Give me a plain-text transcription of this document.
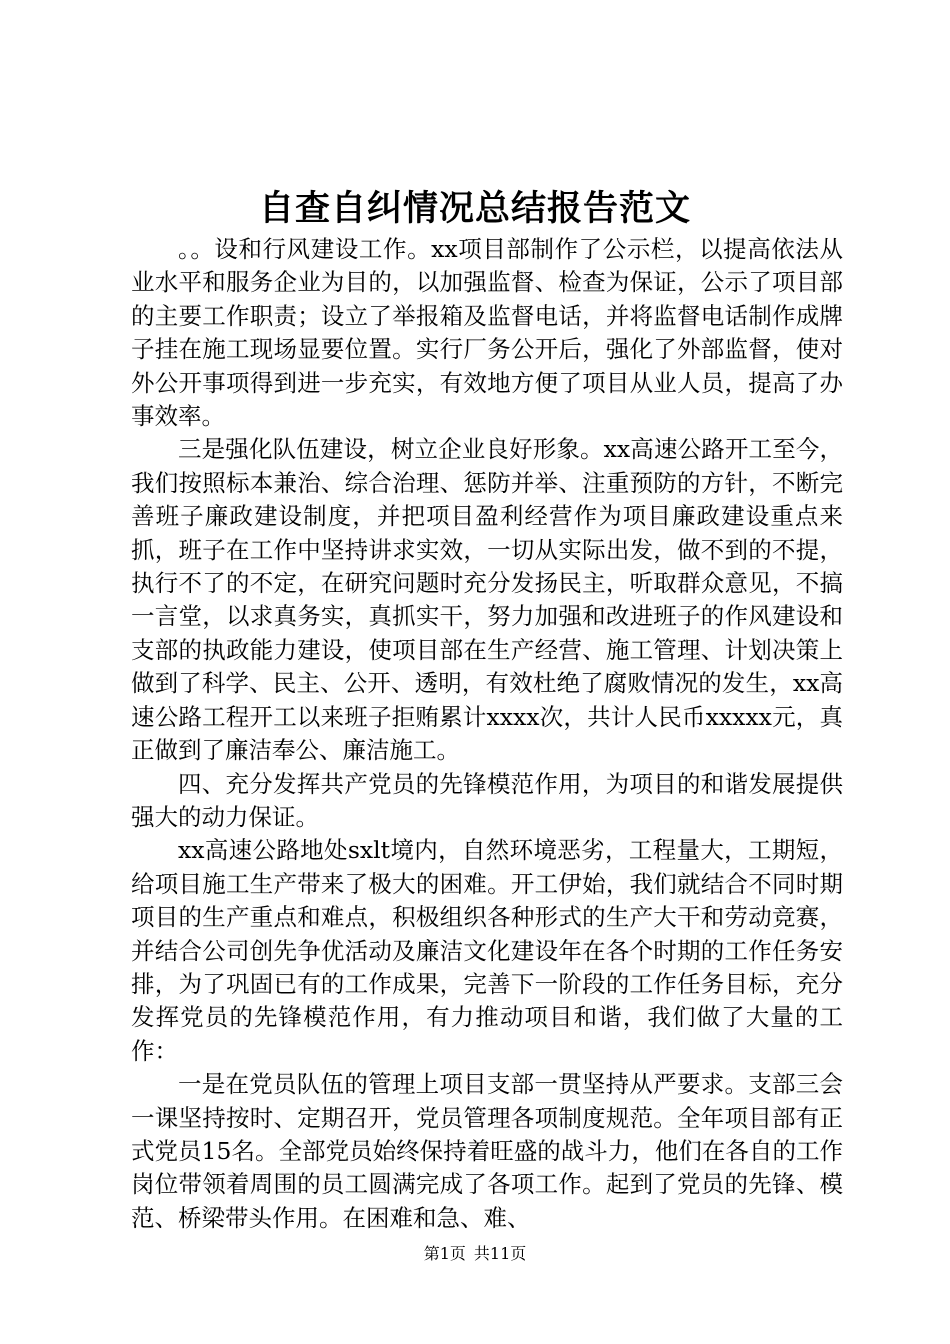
自查自纠情况总结报告范文

。。设和行风建设工作。xx项目部制作了公示栏，以提高依法从业水平和服务企业为目的，以加强监督、检查为保证，公示了项目部的主要工作职责；设立了举报箱及监督电话，并将监督电话制作成牌子挂在施工现场显要位置。实行厂务公开后，强化了外部监督，使对外公开事项得到进一步充实，有效地方便了项目从业人员，提高了办事效率。

三是强化队伍建设，树立企业良好形象。xx高速公路开工至今，我们按照标本兼治、综合治理、惩防并举、注重预防的方针，不断完善班子廉政建设制度，并把项目盈利经营作为项目廉政建设重点来抓，班子在工作中坚持讲求实效，一切从实际出发，做不到的不提，执行不了的不定，在研究问题时充分发扬民主，听取群众意见，不搞一言堂，以求真务实，真抓实干，努力加强和改进班子的作风建设和支部的执政能力建设，使项目部在生产经营、施工管理、计划决策上做到了科学、民主、公开、透明，有效杜绝了腐败情况的发生，xx高速公路工程开工以来班子拒贿累计xxxx次，共计人民币xxxxx元，真正做到了廉洁奉公、廉洁施工。

四、充分发挥共产党员的先锋模范作用，为项目的和谐发展提供强大的动力保证。

xx高速公路地处sxlt境内，自然环境恶劣，工程量大，工期短，给项目施工生产带来了极大的困难。开工伊始，我们就结合不同时期项目的生产重点和难点，积极组织各种形式的生产大干和劳动竞赛，并结合公司创先争优活动及廉洁文化建设年在各个时期的工作任务安排，为了巩固已有的工作成果，完善下一阶段的工作任务目标，充分发挥党员的先锋模范作用，有力推动项目和谐，我们做了大量的工作：

一是在党员队伍的管理上项目支部一贯坚持从严要求。支部三会一课坚持按时、定期召开，党员管理各项制度规范。全年项目部有正式党员15名。全部党员始终保持着旺盛的战斗力，他们在各自的工作岗位带领着周围的员工圆满完成了各项工作。起到了党员的先锋、模范、桥梁带头作用。在困难和急、难、

第1页 共11页
